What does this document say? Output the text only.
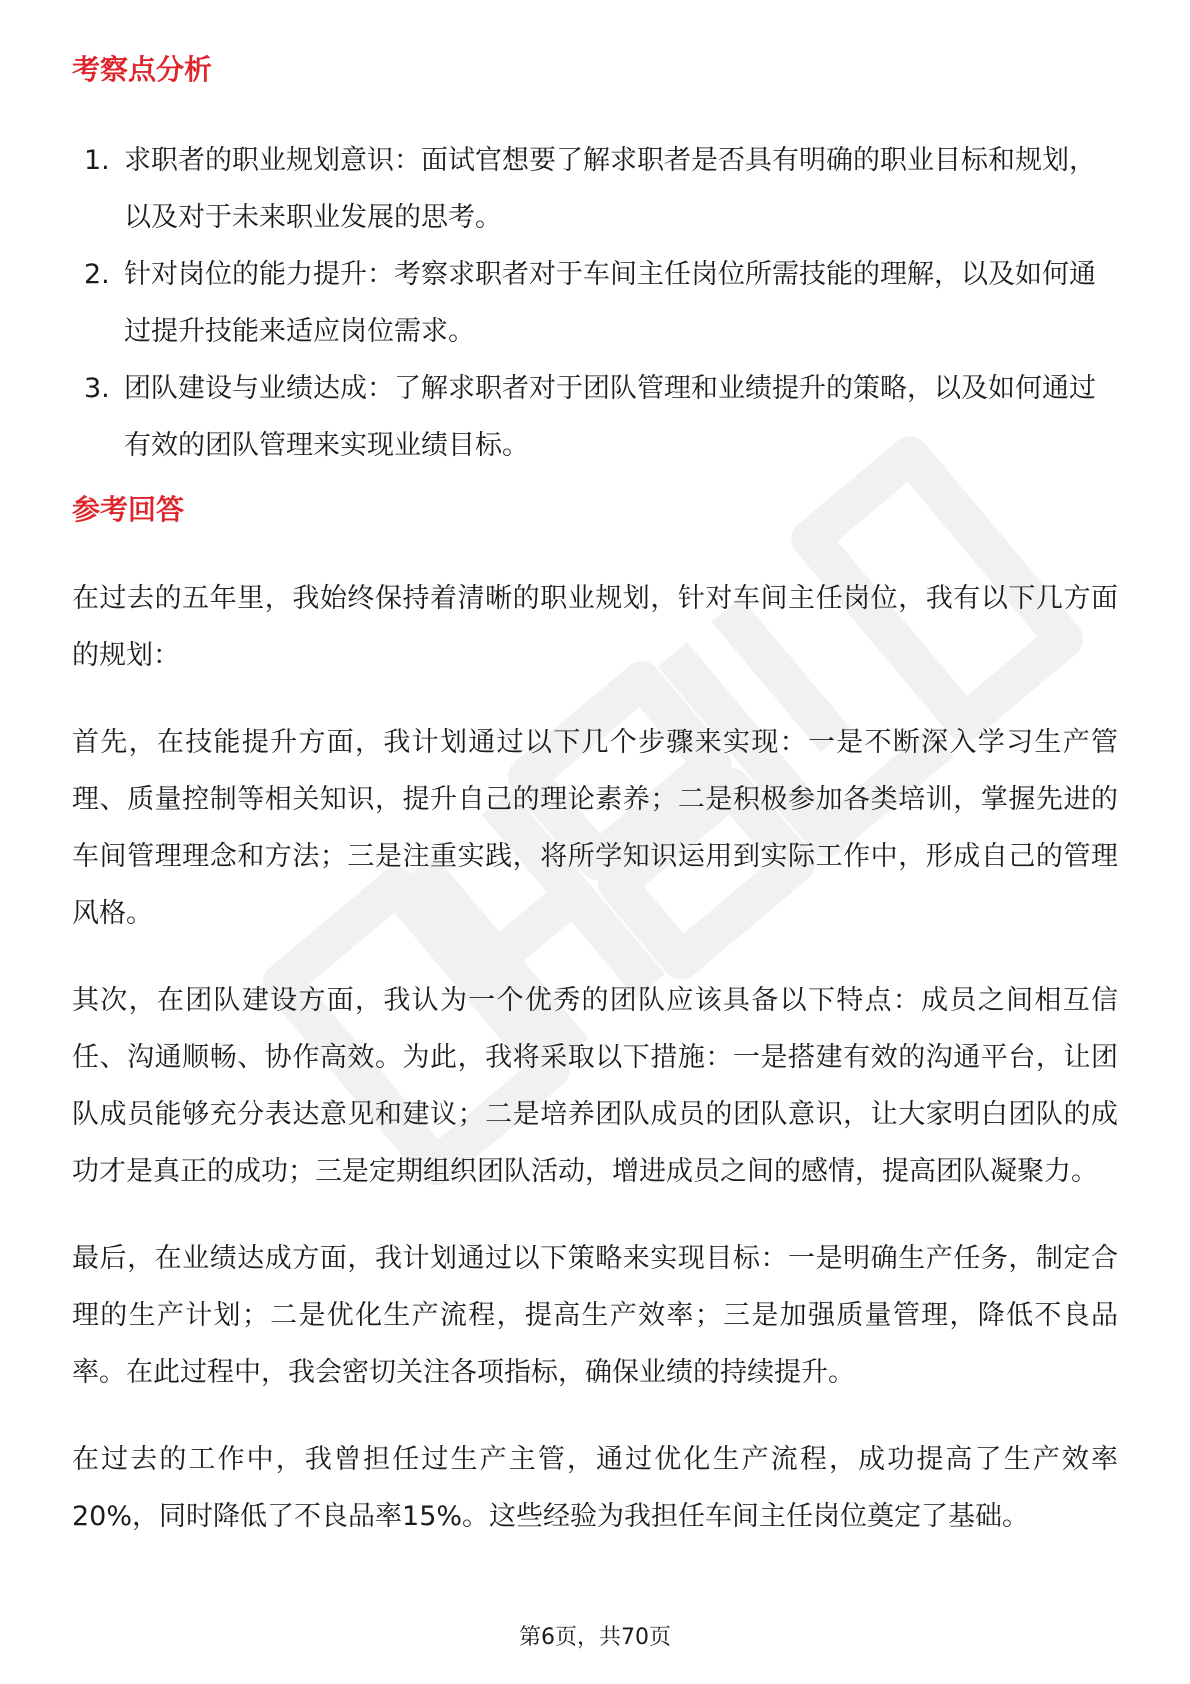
考察点分析
1. 求职者的职业规划意识：面试官想要了解求职者是否具有明确的职业目标和规划，以及对于未来职业发展的思考。
2. 针对岗位的能力提升：考察求职者对于车间主任岗位所需技能的理解，以及如何通过提升技能来适应岗位需求。
3. 团队建设与业绩达成：了解求职者对于团队管理和业绩提升的策略，以及如何通过有效的团队管理来实现业绩目标。
参考回答

在过去的五年里，我始终保持着清晰的职业规划，针对车间主任岗位，我有以下几方面的规划：

首先，在技能提升方面，我计划通过以下几个步骤来实现：一是不断深入学习生产管理、质量控制等相关知识，提升自己的理论素养；二是积极参加各类培训，掌握先进的车间管理理念和方法；三是注重实践，将所学知识运用到实际工作中，形成自己的管理风格。

其次，在团队建设方面，我认为一个优秀的团队应该具备以下特点：成员之间相互信任、沟通顺畅、协作高效。为此，我将采取以下措施：一是搭建有效的沟通平台，让团队成员能够充分表达意见和建议；二是培养团队成员的团队意识，让大家明白团队的成功才是真正的成功；三是定期组织团队活动，增进成员之间的感情，提高团队凝聚力。

最后，在业绩达成方面，我计划通过以下策略来实现目标：一是明确生产任务，制定合理的生产计划；二是优化生产流程，提高生产效率；三是加强质量管理，降低不良品率。在此过程中，我会密切关注各项指标，确保业绩的持续提升。

在过去的工作中，我曾担任过生产主管，通过优化生产流程，成功提高了生产效率20%，同时降低了不良品率15%。这些经验为我担任车间主任岗位奠定了基础。

第6页，共70页
